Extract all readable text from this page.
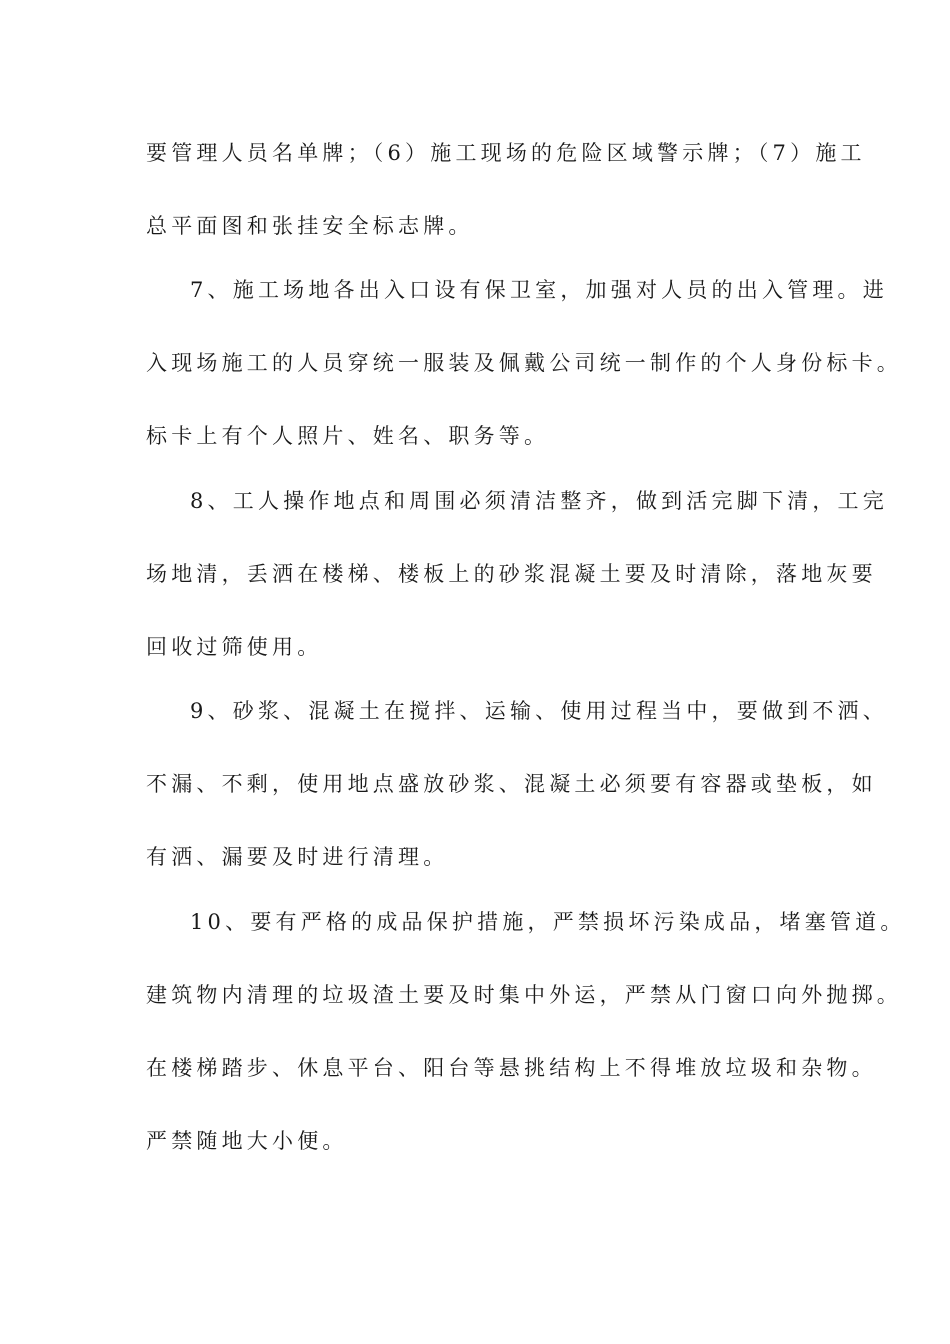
要管理人员名单牌；（6）施工现场的危险区域警示牌；（7）施工
总平面图和张挂安全标志牌。
7、施工场地各出入口设有保卫室，加强对人员的出入管理。进
入现场施工的人员穿统一服装及佩戴公司统一制作的个人身份标卡。
标卡上有个人照片、姓名、职务等。
8、工人操作地点和周围必须清洁整齐，做到活完脚下清，工完
场地清，丢洒在楼梯、楼板上的砂浆混凝土要及时清除，落地灰要
回收过筛使用。
9、砂浆、混凝土在搅拌、运输、使用过程当中，要做到不洒、
不漏、不剩，使用地点盛放砂浆、混凝土必须要有容器或垫板，如
有洒、漏要及时进行清理。
10、要有严格的成品保护措施，严禁损坏污染成品，堵塞管道。
建筑物内清理的垃圾渣土要及时集中外运，严禁从门窗口向外抛掷。
在楼梯踏步、休息平台、阳台等悬挑结构上不得堆放垃圾和杂物。
严禁随地大小便。
